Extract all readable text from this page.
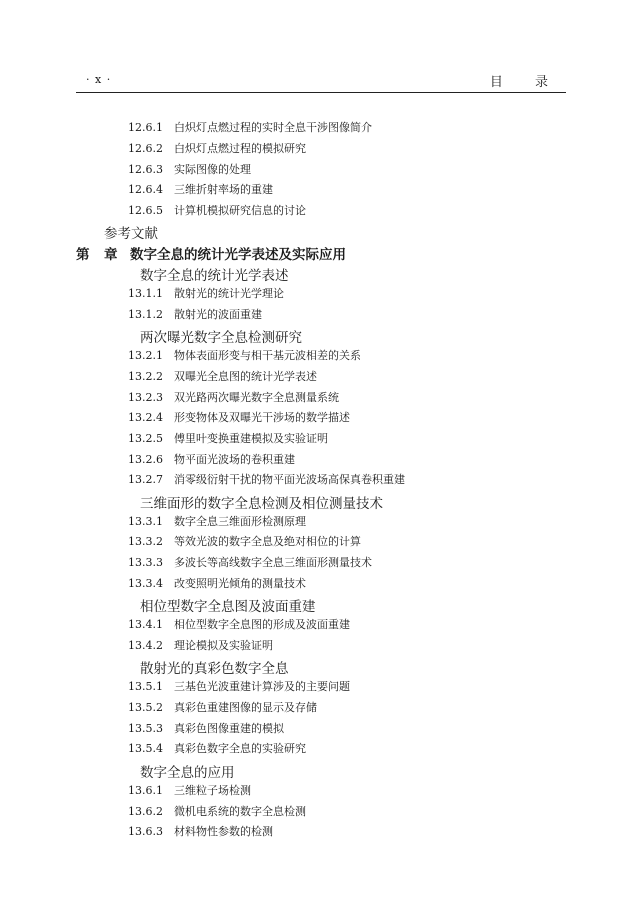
· x ·	目 录
12.6.1 白炽灯点燃过程的实时全息干涉图像简介
12.6.2 白炽灯点燃过程的模拟研究
12.6.3 实际图像的处理
12.6.4 三维折射率场的重建
12.6.5 计算机模拟研究信息的讨论
参考文献
第 章 数字全息的统计光学表述及实际应用
数字全息的统计光学表述
13.1.1 散射光的统计光学理论
13.1.2 散射光的波面重建
两次曝光数字全息检测研究
13.2.1 物体表面形变与相干基元波相差的关系
13.2.2 双曝光全息图的统计光学表述
13.2.3 双光路两次曝光数字全息测量系统
13.2.4 形变物体及双曝光干涉场的数学描述
13.2.5 傅里叶变换重建模拟及实验证明
13.2.6 物平面光波场的卷积重建
13.2.7 消零级衍射干扰的物平面光波场高保真卷积重建
三维面形的数字全息检测及相位测量技术
13.3.1 数字全息三维面形检测原理
13.3.2 等效光波的数字全息及绝对相位的计算
13.3.3 多波长等高线数字全息三维面形测量技术
13.3.4 改变照明光倾角的测量技术
相位型数字全息图及波面重建
13.4.1 相位型数字全息图的形成及波面重建
13.4.2 理论模拟及实验证明
散射光的真彩色数字全息
13.5.1 三基色光波重建计算涉及的主要问题
13.5.2 真彩色重建图像的显示及存储
13.5.3 真彩色图像重建的模拟
13.5.4 真彩色数字全息的实验研究
数字全息的应用
13.6.1 三维粒子场检测
13.6.2 微机电系统的数字全息检测
13.6.3 材料物性参数的检测
